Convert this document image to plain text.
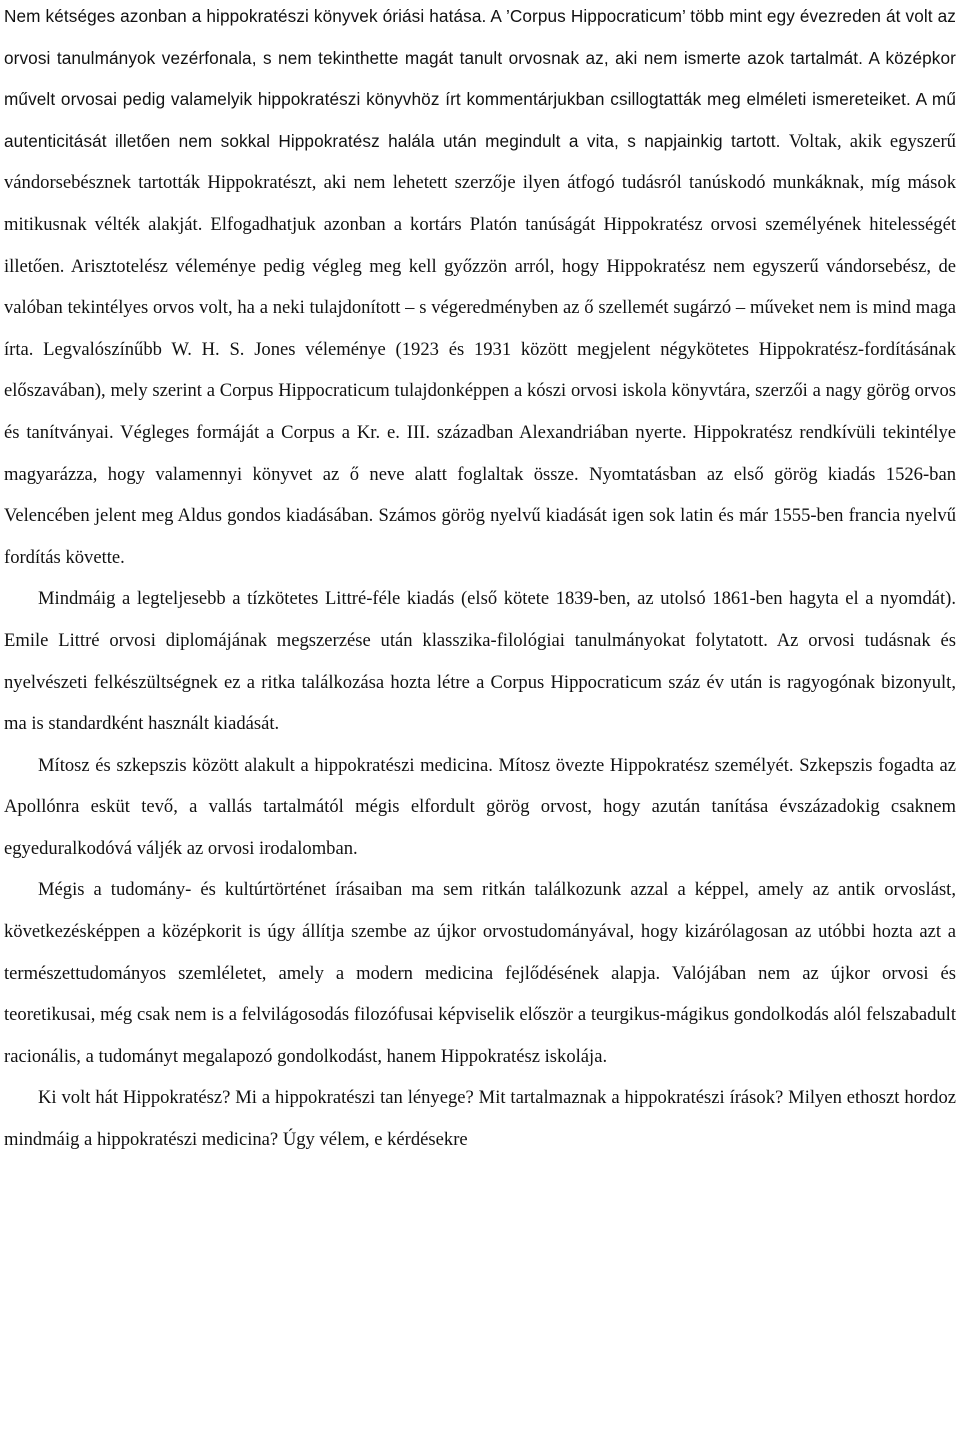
Nem kétséges azonban a hippokratészi könyvek óriási hatása. A ’Corpus Hippocraticum’ több mint egy évezreden át volt az orvosi tanulmányok vezérfonala, s nem tekinthette magát tanult orvosnak az, aki nem ismerte azok tartalmát. A középkor művelt orvosai pedig valamelyik hippokratészi könyvhöz írt kommentárjukban csillogtatták meg elméleti ismereteiket. A mű autenticitását illetően nem sokkal Hippokratész halála után megindult a vita, s napjainkig tartott. Voltak, akik egyszerű vándorsebésznek tartották Hippokratészt, aki nem lehetett szerzője ilyen átfogó tudásról tanúskodó munkáknak, míg mások mitikusnak vélték alakját. Elfogadhatjuk azonban a kortárs Platón tanúságát Hippokratész orvosi személyének hitelességét illetően. Arisztotelész véleménye pedig végleg meg kell győzzön arról, hogy Hippokratész nem egyszerű vándorsebész, de valóban tekintélyes orvos volt, ha a neki tulajdonított – s végeredményben az ő szellemét sugárzó – műveket nem is mind maga írta. Legvalószínűbb W. H. S. Jones véleménye (1923 és 1931 között megjelent négykötetes Hippokratész-fordításának előszavában), mely szerint a Corpus Hippocraticum tulajdonképpen a kószi orvosi iskola könyvtára, szerzői a nagy görög orvos és tanítványai. Végleges formáját a Corpus a Kr. e. III. században Alexandriában nyerte. Hippokratész rendkívüli tekintélye magyarázza, hogy valamennyi könyvet az ő neve alatt foglaltak össze. Nyomtatásban az első görög kiadás 1526-ban Velencében jelent meg Aldus gondos kiadásában. Számos görög nyelvű kiadását igen sok latin és már 1555-ben francia nyelvű fordítás követte.

Mindmáig a legteljesebb a tízkötetes Littré-féle kiadás (első kötete 1839-ben, az utolsó 1861-ben hagyta el a nyomdát). Emile Littré orvosi diplomájának megszerzése után klasszika-filológiai tanulmányokat folytatott. Az orvosi tudásnak és nyelvészeti felkészültségnek ez a ritka találkozása hozta létre a Corpus Hippocraticum száz év után is ragyogónak bizonyult, ma is standardként használt kiadását.

Mítosz és szkepszis között alakult a hippokratészi medicina. Mítosz övezte Hippokratész személyét. Szkepszis fogadta az Apollónra esküt tevő, a vallás tartalmától mégis elfordult görög orvost, hogy azután tanítása évszázadokig csaknem egyeduralkodóvá váljék az orvosi irodalomban.

Mégis a tudomány- és kultúrtörténet írásaiban ma sem ritkán találkozunk azzal a képpel, amely az antik orvoslást, következésképpen a középkorit is úgy állítja szembe az újkor orvostudományával, hogy kizárólagosan az utóbbi hozta azt a természettudományos szemléletet, amely a modern medicina fejlődésének alapja. Valójában nem az újkor orvosi és teoretikusai, még csak nem is a felvilágosodás filozófusai képviselik először a teurgikus-mágikus gondolkodás alól felszabadult racionális, a tudományt megalapozó gondolkodást, hanem Hippokratész iskolája.

Ki volt hát Hippokratész? Mi a hippokratészi tan lényege? Mit tartalmaznak a hippokratészi írások? Milyen ethoszt hordoz mindmáig a hippokratészi medicina? Úgy vélem, e kérdésekre
